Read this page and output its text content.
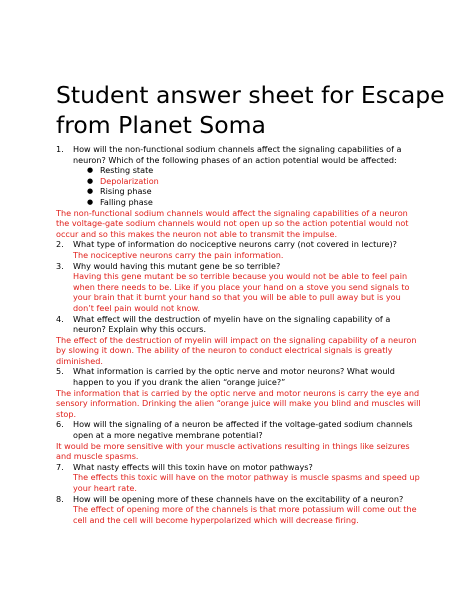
Student answer sheet for Escape from Planet Soma
1. How will the non-functional sodium channels affect the signaling capabilities of a neuron? Which of the following phases of an action potential would be affected:
● Resting state
● Depolarization
● Rising phase
● Falling phase
The non-functional sodium channels would affect the signaling capabilities of a neuron the voltage-gate sodium channels would not open up so the action potential would not occur and so this makes the neuron not able to transmit the impulse.
2. What type of information do nociceptive neurons carry (not covered in lecture)?
The nociceptive neurons carry the pain information.
3. Why would having this mutant gene be so terrible?
Having this gene mutant be so terrible because you would not be able to feel pain when there needs to be. Like if you place your hand on a stove you send signals to your brain that it burnt your hand so that you will be able to pull away but is you don’t feel pain would not know.
4. What effect will the destruction of myelin have on the signaling capability of a neuron? Explain why this occurs.
The effect of the destruction of myelin will impact on the signaling capability of a neuron by slowing it down. The ability of the neuron to conduct electrical signals is greatly diminished.
5. What information is carried by the optic nerve and motor neurons? What would happen to you if you drank the alien “orange juice?”
The information that is carried by the optic nerve and motor neurons is carry the eye and sensory information. Drinking the alien “orange juice will make you blind and muscles will stop.
6. How will the signaling of a neuron be affected if the voltage-gated sodium channels open at a more negative membrane potential?
It would be more sensitive with your muscle activations resulting in things like seizures and muscle spasms.
7. What nasty effects will this toxin have on motor pathways?
The effects this toxic will have on the motor pathway is muscle spasms and speed up your heart rate.
8. How will be opening more of these channels have on the excitability of a neuron?
The effect of opening more of the channels is that more potassium will come out the cell and the cell will become hyperpolarized which will decrease firing.
